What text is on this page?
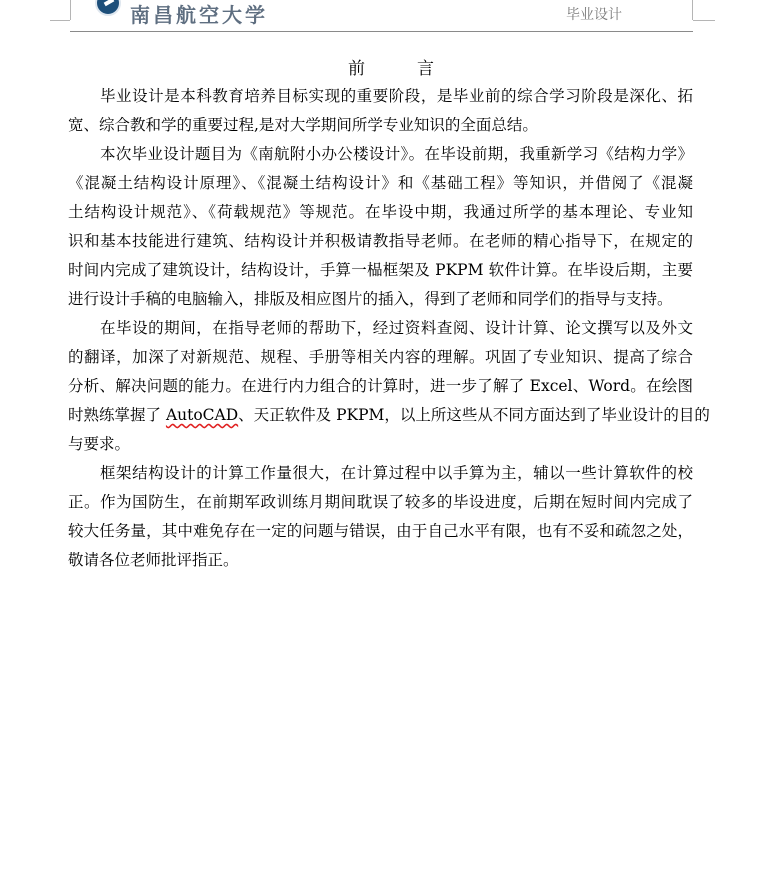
南昌航空大学	毕业设计
前	言
毕业设计是本科教育培养目标实现的重要阶段，是毕业前的综合学习阶段是深化、拓
宽、综合教和学的重要过程,是对大学期间所学专业知识的全面总结。
本次毕业设计题目为《南航附小办公楼设计》。在毕设前期，我重新学习《结构力学》
《混凝土结构设计原理》、《混凝土结构设计》和《基础工程》等知识，并借阅了《混凝
土结构设计规范》、《荷载规范》等规范。在毕设中期，我通过所学的基本理论、专业知
识和基本技能进行建筑、结构设计并积极请教指导老师。在老师的精心指导下，在规定的
时间内完成了建筑设计，结构设计，手算一榀框架及 PKPM 软件计算。在毕设后期，主要
进行设计手稿的电脑输入，排版及相应图片的插入，得到了老师和同学们的指导与支持。
在毕设的期间，在指导老师的帮助下，经过资料查阅、设计计算、论文撰写以及外文
的翻译，加深了对新规范、规程、手册等相关内容的理解。巩固了专业知识、提高了综合
分析、解决问题的能力。在进行内力组合的计算时，进一步了解了 Excel、Word。在绘图
时熟练掌握了 AutoCAD、天正软件及 PKPM，以上所这些从不同方面达到了毕业设计的目的
与要求。
框架结构设计的计算工作量很大，在计算过程中以手算为主，辅以一些计算软件的校
正。作为国防生，在前期军政训练月期间耽误了较多的毕设进度，后期在短时间内完成了
较大任务量，其中难免存在一定的问题与错误，由于自己水平有限，也有不妥和疏忽之处，
敬请各位老师批评指正。
